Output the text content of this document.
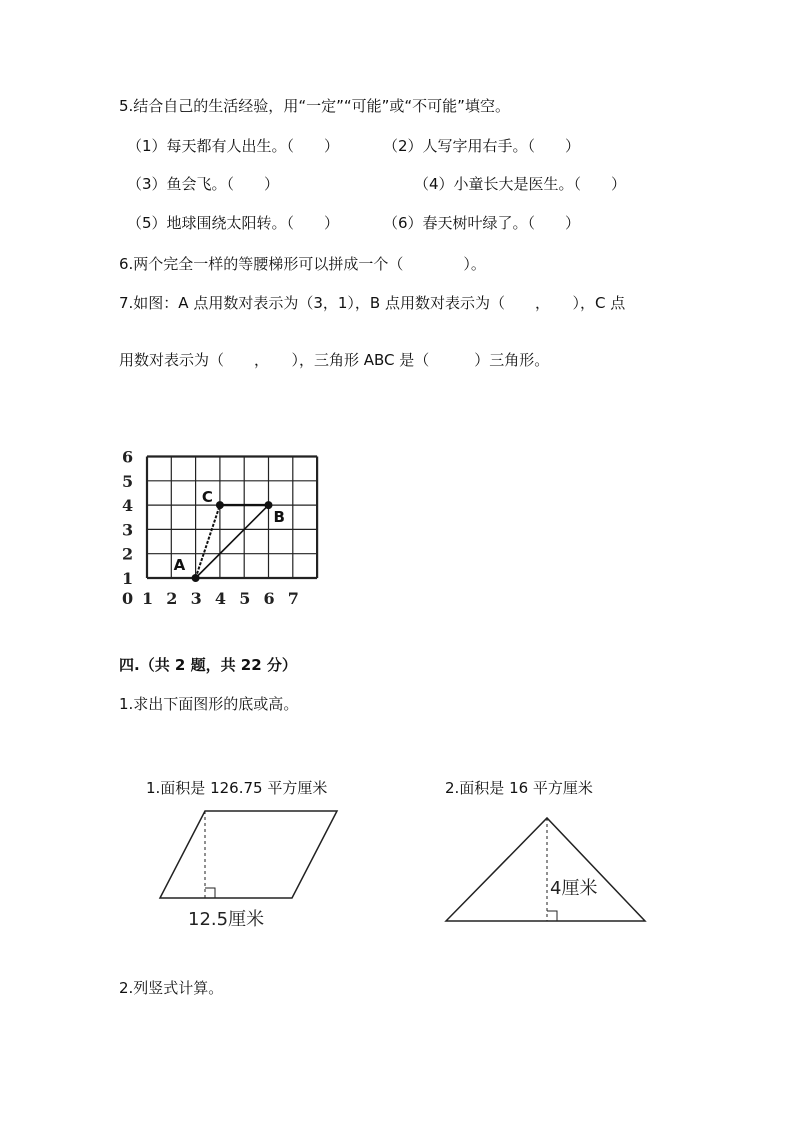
5.结合自己的生活经验，用“一定”“可能”或“不可能”填空。
（1）每天都有人出生。（　　）	（2）人写字用右手。（　　）
（3）鱼会飞。（　　）	（4）小童长大是医生。（　　）
（5）地球围绕太阳转。（　　）	（6）春天树叶绿了。（　　）
6.两个完全一样的等腰梯形可以拼成一个（　　　　）。
7.如图：A 点用数对表示为（3，1），B 点用数对表示为（　　，　　），C 点
用数对表示为（　　，　　），三角形 ABC 是（　　　）三角形。
1
2
3
4
5
6
0 1 2 3 4 5 6 7
A
B
C
四.（共 2 题，共 22 分）
1.求出下面图形的底或高。
1.面积是 126.75 平方厘米
12.5厘米
2.面积是 16 平方厘米
4厘米
2.列竖式计算。
